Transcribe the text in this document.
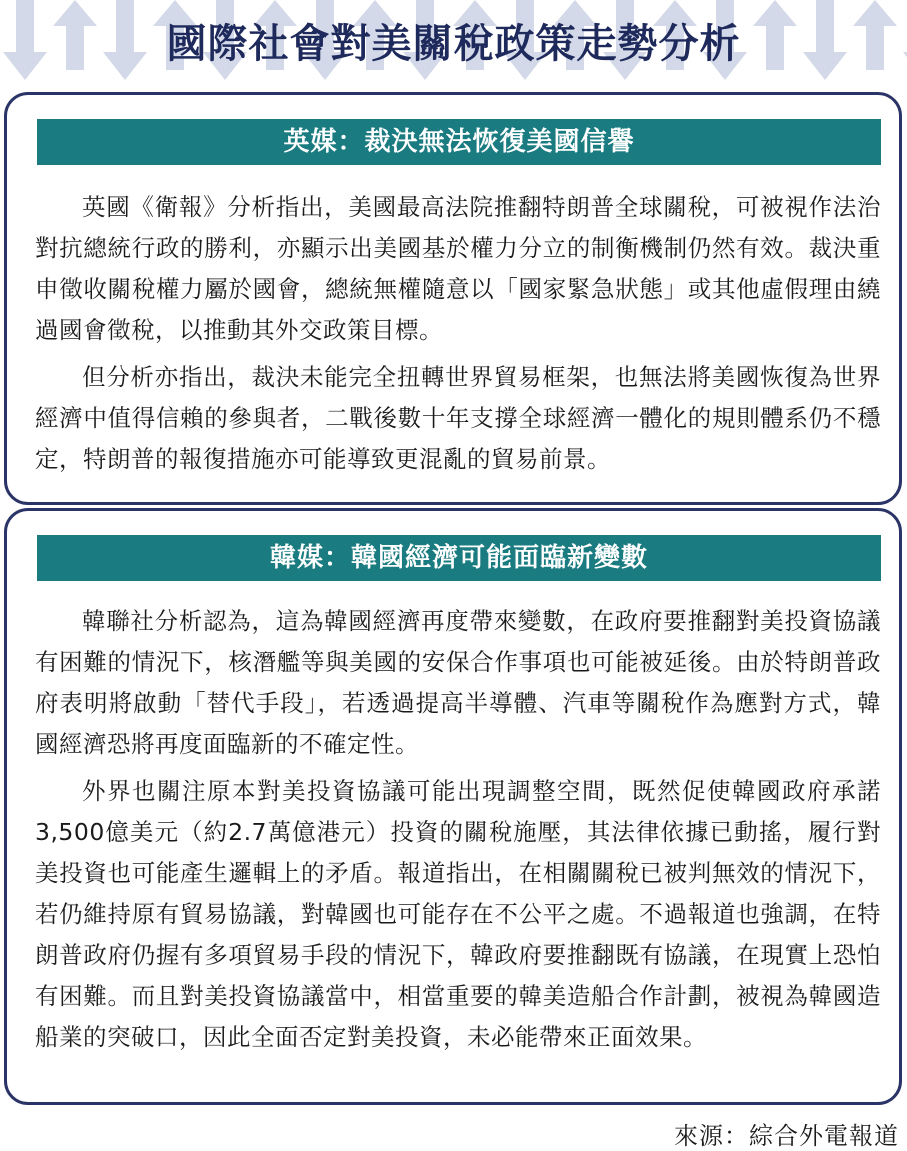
國際社會對美關稅政策走勢分析
英媒：裁決無法恢復美國信譽

英國《衛報》分析指出，美國最高法院推翻特朗普全球關稅，可被視作法治對抗總統行政的勝利，亦顯示出美國基於權力分立的制衡機制仍然有效。裁決重申徵收關稅權力屬於國會，總統無權隨意以「國家緊急狀態」或其他虛假理由繞過國會徵稅，以推動其外交政策目標。

但分析亦指出，裁決未能完全扭轉世界貿易框架，也無法將美國恢復為世界經濟中值得信賴的參與者，二戰後數十年支撐全球經濟一體化的規則體系仍不穩定，特朗普的報復措施亦可能導致更混亂的貿易前景。

韓媒：韓國經濟可能面臨新變數

韓聯社分析認為，這為韓國經濟再度帶來變數，在政府要推翻對美投資協議有困難的情況下，核潛艦等與美國的安保合作事項也可能被延後。由於特朗普政府表明將啟動「替代手段」，若透過提高半導體、汽車等關稅作為應對方式，韓國經濟恐將再度面臨新的不確定性。

外界也關注原本對美投資協議可能出現調整空間，既然促使韓國政府承諾3,500億美元（約2.7萬億港元）投資的關稅施壓，其法律依據已動搖，履行對美投資也可能產生邏輯上的矛盾。報道指出，在相關關稅已被判無效的情況下，若仍維持原有貿易協議，對韓國也可能存在不公平之處。不過報道也強調，在特朗普政府仍握有多項貿易手段的情況下，韓政府要推翻既有協議，在現實上恐怕有困難。而且對美投資協議當中，相當重要的韓美造船合作計劃，被視為韓國造船業的突破口，因此全面否定對美投資，未必能帶來正面效果。

來源：綜合外電報道
